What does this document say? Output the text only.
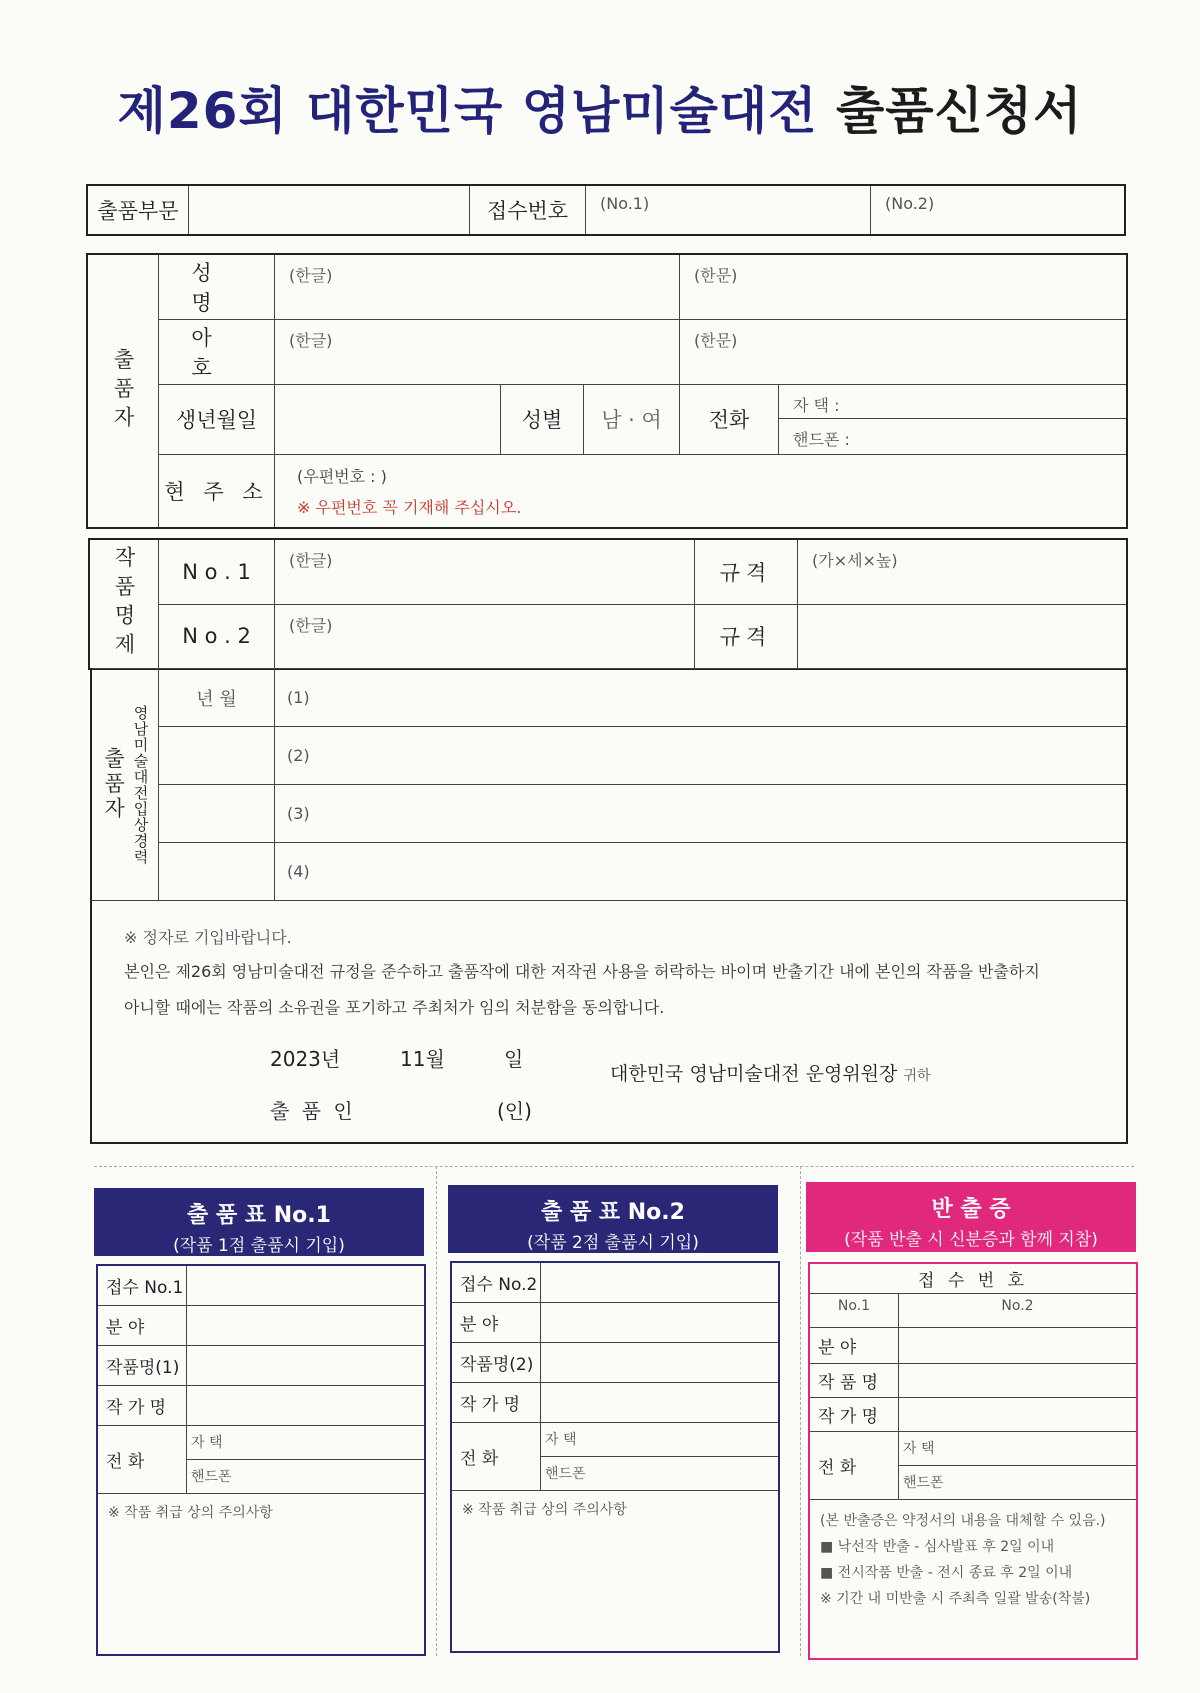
제26회 대한민국 영남미술대전 출품신청서
출품부문		접수번호	(No.1)	(No.2)
출품자	성 명	(한글)			(한문)	
	아 호	(한글)			(한문)	
	생년월일		성별	남 · 여	전화	자 택 :
핸드폰 :

	현 주 소	(우편번호 : )
※ 우편번호 꼭 기재해 주십시오.				
작품명제	N o . 1	(한글)	규격	(가×세×높)
	N o . 2	(한글)	규격	
출품자 영남미술대전입상경력	년 월	(1)
		(2)
		(3)
		(4)
※ 정자로 기입바랍니다.
본인은 제26회 영남미술대전 규정을 준수하고 출품작에 대한 저작권 사용을 허락하는 바이며 반출기간 내에 본인의 작품을 반출하지
아니할 때에는 작품의 소유권을 포기하고 주최처가 임의 처분함을 동의합니다.
2023년	11월	일
대한민국 영남미술대전 운영위원장 귀하
출 품 인	(인)
출 품 표 No.1
(작품 1점 출품시 기입)
접수 No.1	
분 야	
작품명(1)	
작 가 명	
전 화	자 택
	핸드폰
※ 작품 취급 상의 주의사항	
출 품 표 No.2
(작품 2점 출품시 기입)
접수 No.2	
분 야	
작품명(2)	
작 가 명	
전 화	자 택
	핸드폰
※ 작품 취급 상의 주의사항	
반 출 증
(작품 반출 시 신분증과 함께 지참)
접 수 번 호	
No.1	No.2
분 야	
작 품 명	
작 가 명	
전 화	자 택
	핸드폰

(본 반출증은 약정서의 내용을 대체할 수 있음.)
■ 낙선작 반출 - 심사발표 후 2일 이내
■ 전시작품 반출 - 전시 종료 후 2일 이내
※ 기간 내 미반출 시 주최측 일괄 발송(착불)	
